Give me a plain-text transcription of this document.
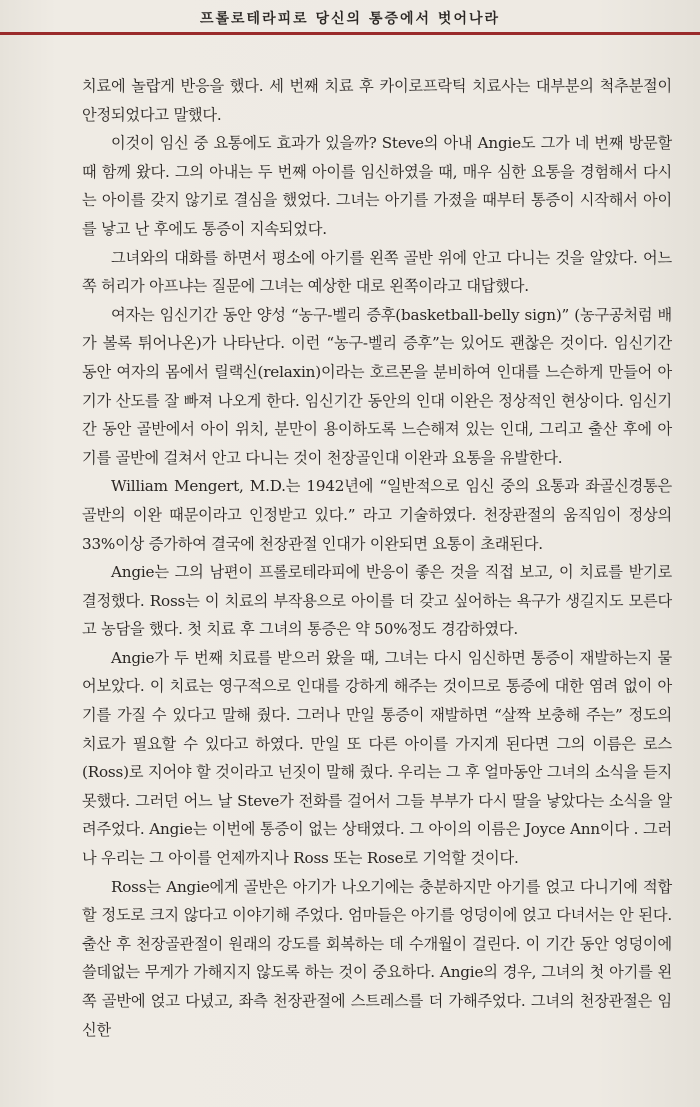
프롤로테라피로 당신의 통증에서 벗어나라

치료에 놀랍게 반응을 했다. 세 번째 치료 후 카이로프락틱 치료사는 대부분의 척추분절이 안정되었다고 말했다.

이것이 임신 중 요통에도 효과가 있을까? Steve의 아내 Angie도 그가 네 번째 방문할 때 함께 왔다. 그의 아내는 두 번째 아이를 임신하였을 때, 매우 심한 요통을 경험해서 다시는 아이를 갖지 않기로 결심을 했었다. 그녀는 아기를 가졌을 때부터 통증이 시작해서 아이를 낳고 난 후에도 통증이 지속되었다.

그녀와의 대화를 하면서 평소에 아기를 왼쪽 골반 위에 안고 다니는 것을 알았다. 어느 쪽 허리가 아프냐는 질문에 그녀는 예상한 대로 왼쪽이라고 대답했다.

여자는 임신기간 동안 양성 “농구-벨리 증후(basketball-belly sign)” (농구공처럼 배가 볼록 튀어나온)가 나타난다. 이런 “농구-벨리 증후”는 있어도 괜찮은 것이다. 임신기간 동안 여자의 몸에서 릴랙신(relaxin)이라는 호르몬을 분비하여 인대를 느슨하게 만들어 아기가 산도를 잘 빠져 나오게 한다. 임신기간 동안의 인대 이완은 정상적인 현상이다. 임신기간 동안 골반에서 아이 위치, 분만이 용이하도록 느슨해져 있는 인대, 그리고 출산 후에 아기를 골반에 걸쳐서 안고 다니는 것이 천장골인대 이완과 요통을 유발한다.

William Mengert, M.D.는 1942년에 “일반적으로 임신 중의 요통과 좌골신경통은 골반의 이완 때문이라고 인정받고 있다.” 라고 기술하였다. 천장관절의 움직임이 정상의 33%이상 증가하여 결국에 천장관절 인대가 이완되면 요통이 초래된다.

Angie는 그의 남편이 프롤로테라피에 반응이 좋은 것을 직접 보고, 이 치료를 받기로 결정했다. Ross는 이 치료의 부작용으로 아이를 더 갖고 싶어하는 욕구가 생길지도 모른다고 농담을 했다. 첫 치료 후 그녀의 통증은 약 50%정도 경감하였다.

Angie가 두 번째 치료를 받으러 왔을 때, 그녀는 다시 임신하면 통증이 재발하는지 물어보았다. 이 치료는 영구적으로 인대를 강하게 해주는 것이므로 통증에 대한 염려 없이 아기를 가질 수 있다고 말해 줬다. 그러나 만일 통증이 재발하면 “살짝 보충해 주는” 정도의 치료가 필요할 수 있다고 하였다. 만일 또 다른 아이를 가지게 된다면 그의 이름은 로스(Ross)로 지어야 할 것이라고 넌짓이 말해 줬다. 우리는 그 후 얼마동안 그녀의 소식을 듣지 못했다. 그러던 어느 날 Steve가 전화를 걸어서 그들 부부가 다시 딸을 낳았다는 소식을 알려주었다. Angie는 이번에 통증이 없는 상태였다. 그 아이의 이름은 Joyce Ann이다 . 그러나 우리는 그 아이를 언제까지나 Ross 또는 Rose로 기억할 것이다.

Ross는 Angie에게 골반은 아기가 나오기에는 충분하지만 아기를 얹고 다니기에 적합할 정도로 크지 않다고 이야기해 주었다. 엄마들은 아기를 엉덩이에 얹고 다녀서는 안 된다. 출산 후 천장골관절이 원래의 강도를 회복하는 데 수개월이 걸린다. 이 기간 동안 엉덩이에 쓸데없는 무게가 가해지지 않도록 하는 것이 중요하다. Angie의 경우, 그녀의 첫 아기를 왼쪽 골반에 얹고 다녔고, 좌측 천장관절에 스트레스를 더 가해주었다. 그녀의 천장관절은 임신한
